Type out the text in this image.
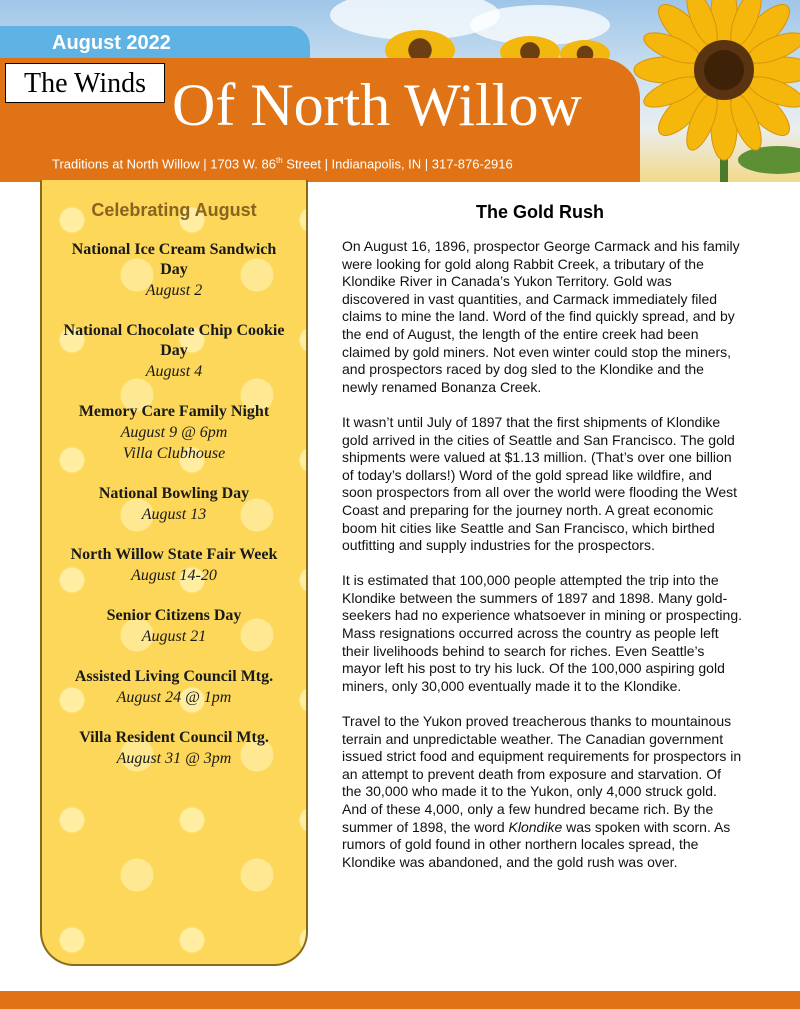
August 2022
The Winds Of North Willow
Traditions at North Willow | 1703 W. 86th Street | Indianapolis, IN | 317-876-2916
Celebrating August
National Ice Cream Sandwich Day
August 2
National Chocolate Chip Cookie Day
August 4
Memory Care Family Night
August 9 @ 6pm
Villa Clubhouse
National Bowling Day
August 13
North Willow State Fair Week
August 14-20
Senior Citizens Day
August 21
Assisted Living Council Mtg.
August 24 @ 1pm
Villa Resident Council Mtg.
August 31 @ 3pm
The Gold Rush

On August 16, 1896, prospector George Carmack and his family were looking for gold along Rabbit Creek, a tributary of the Klondike River in Canada’s Yukon Territory. Gold was discovered in vast quantities, and Carmack immediately filed claims to mine the land. Word of the find quickly spread, and by the end of August, the length of the entire creek had been claimed by gold miners. Not even winter could stop the miners, and prospectors raced by dog sled to the Klondike and the newly renamed Bonanza Creek.

It wasn’t until July of 1897 that the first shipments of Klondike gold arrived in the cities of Seattle and San Francisco. The gold shipments were valued at $1.13 million. (That’s over one billion of today’s dollars!) Word of the gold spread like wildfire, and soon prospectors from all over the world were flooding the West Coast and preparing for the journey north. A great economic boom hit cities like Seattle and San Francisco, which birthed outfitting and supply industries for the prospectors.

It is estimated that 100,000 people attempted the trip into the Klondike between the summers of 1897 and 1898. Many gold-seekers had no experience whatsoever in mining or prospecting. Mass resignations occurred across the country as people left their livelihoods behind to search for riches. Even Seattle’s mayor left his post to try his luck. Of the 100,000 aspiring gold miners, only 30,000 eventually made it to the Klondike.

Travel to the Yukon proved treacherous thanks to mountainous terrain and unpredictable weather. The Canadian government issued strict food and equipment requirements for prospectors in an attempt to prevent death from exposure and starvation. Of the 30,000 who made it to the Yukon, only 4,000 struck gold. And of these 4,000, only a few hundred became rich. By the summer of 1898, the word Klondike was spoken with scorn. As rumors of gold found in other northern locales spread, the Klondike was abandoned, and the gold rush was over.
